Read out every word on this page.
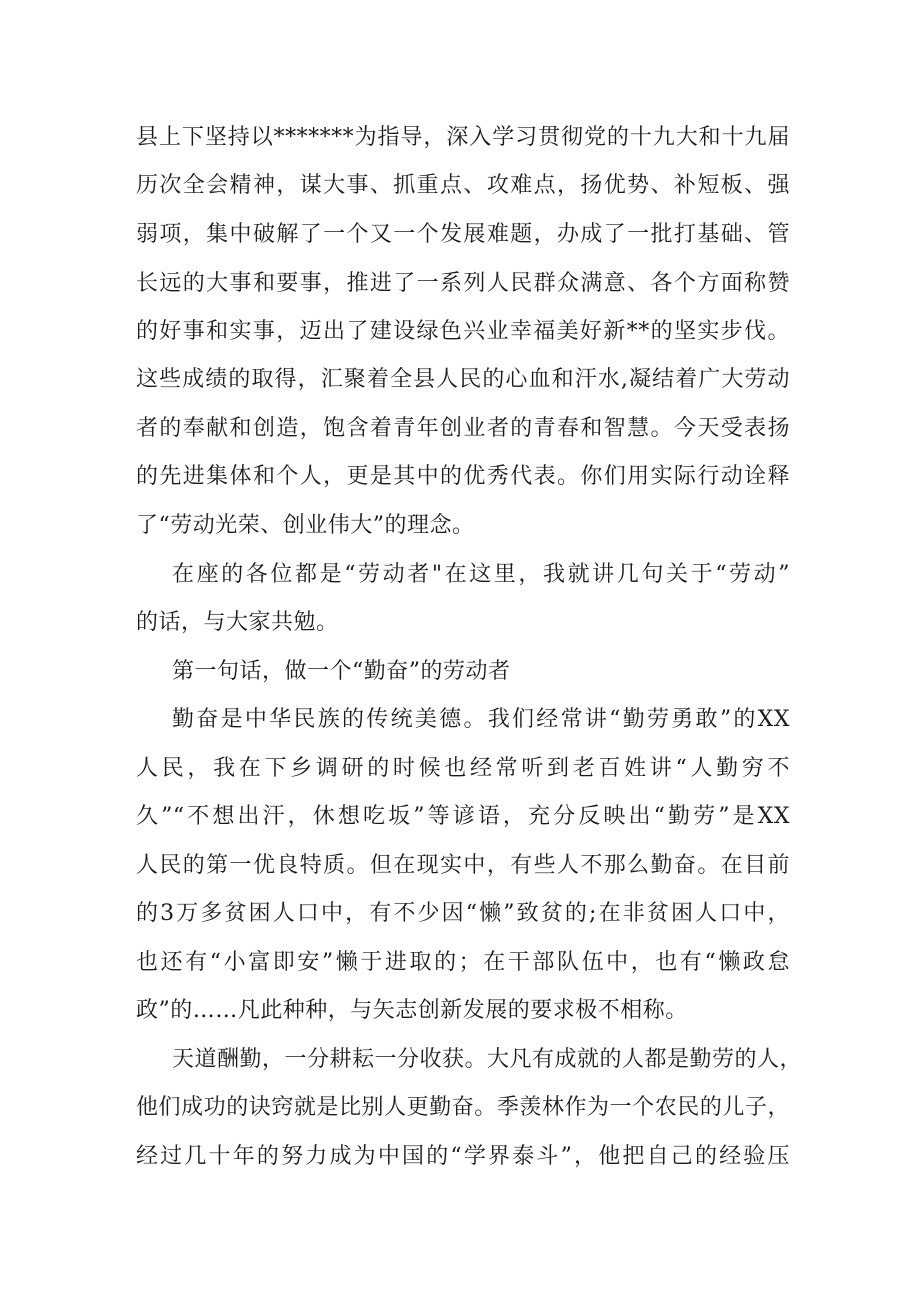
县上下坚持以*******为指导，深入学习贯彻党的十九大和十九届
历次全会精神，谋大事、抓重点、攻难点，扬优势、补短板、强
弱项，集中破解了一个又一个发展难题，办成了一批打基础、管
长远的大事和要事，推进了一系列人民群众满意、各个方面称赞
的好事和实事，迈出了建设绿色兴业幸福美好新**的坚实步伐。
这些成绩的取得，汇聚着全县人民的心血和汗水,凝结着广大劳动
者的奉献和创造，饱含着青年创业者的青春和智慧。今天受表扬
的先进集体和个人，更是其中的优秀代表。你们用实际行动诠释
了“劳动光荣、创业伟大”的理念。
在座的各位都是“劳动者"在这里，我就讲几句关于“劳动”
的话，与大家共勉。
第一句话，做一个“勤奋”的劳动者
勤奋是中华民族的传统美德。我们经常讲“勤劳勇敢”的XX
人民，我在下乡调研的时候也经常听到老百姓讲“人勤穷不
久”“不想出汗，休想吃坂”等谚语，充分反映出“勤劳”是XX
人民的第一优良特质。但在现实中，有些人不那么勤奋。在目前
的3万多贫困人口中，有不少因“懒”致贫的;在非贫困人口中，
也还有“小富即安”懒于进取的；在干部队伍中，也有“懒政怠
政”的……凡此种种，与矢志创新发展的要求极不相称。
天道酬勤，一分耕耘一分收获。大凡有成就的人都是勤劳的人，
他们成功的诀窍就是比别人更勤奋。季羡林作为一个农民的儿子，
经过几十年的努力成为中国的“学界泰斗”，他把自己的经验压
